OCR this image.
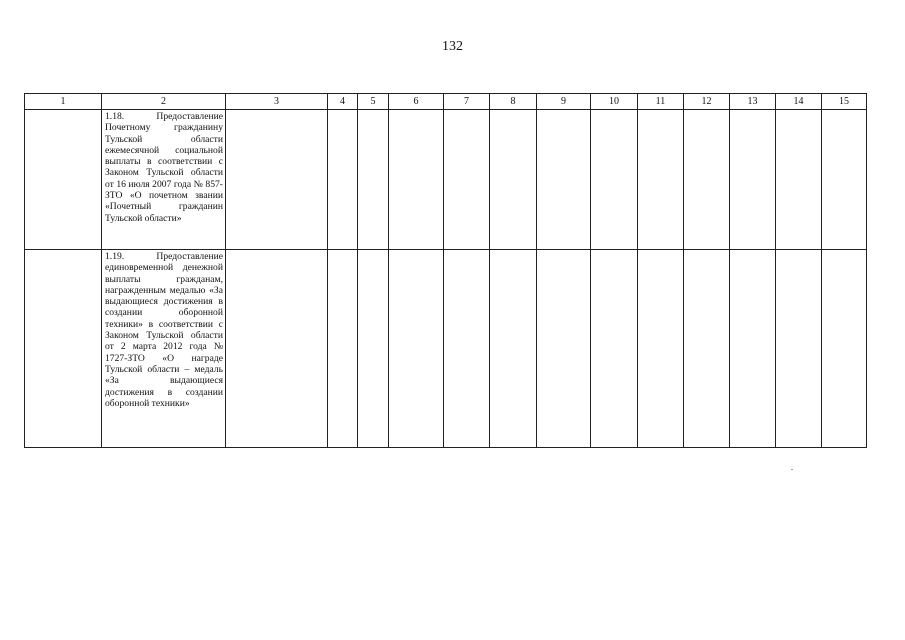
132
1	2	3	4	5	6	7	8	9	10	11	12	13	14	15
	1.18. Предоставление Почетному гражданину Тульской области ежемесячной социальной выплаты в соответствии с Законом Тульской области от 16 июля 2007 года № 857-ЗТО «О почетном звании «Почетный гражданин Тульской области»													
	1.19. Предоставление единовременной денежной выплаты гражданам, награжденным медалью «За выдающиеся достижения в создании оборонной техники» в соответствии с Законом Тульской области от 2 марта 2012 года № 1727-ЗТО «О награде Тульской области – медаль «За выдающиеся достижения в создании оборонной техники»													
